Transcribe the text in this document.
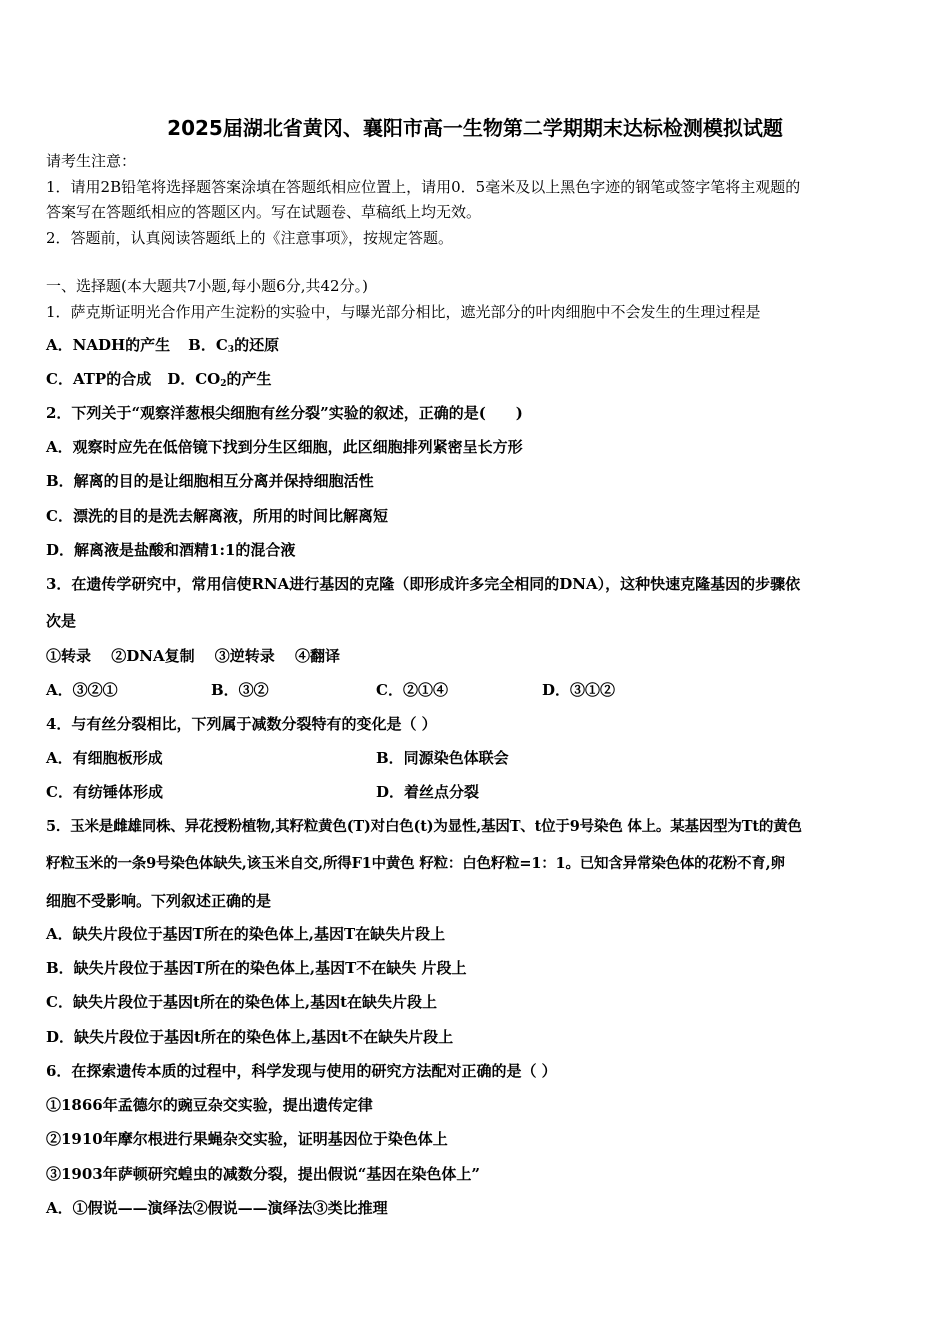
2025届湖北省黄冈、襄阳市高一生物第二学期期末达标检测模拟试题
请考生注意：
1．请用2B铅笔将选择题答案涂填在答题纸相应位置上，请用0．5毫米及以上黑色字迹的钢笔或签字笔将主观题的
答案写在答题纸相应的答题区内。写在试题卷、草稿纸上均无效。
2．答题前，认真阅读答题纸上的《注意事项》，按规定答题。
一、选择题(本大题共7小题,每小题6分,共42分。)
1．萨克斯证明光合作用产生淀粉的实验中，与曝光部分相比，遮光部分的叶肉细胞中不会发生的生理过程是
A．NADH的产生 B．$C_3$的还原
C．ATP的合成 D．$CO_2$的产生
2．下列关于“观察洋葱根尖细胞有丝分裂”实验的叙述，正确的是(　　)
A．观察时应先在低倍镜下找到分生区细胞，此区细胞排列紧密呈长方形
B．解离的目的是让细胞相互分离并保持细胞活性
C．漂洗的目的是洗去解离液，所用的时间比解离短
D．解离液是盐酸和酒精1:1的混合液
3．在遗传学研究中，常用信使RNA进行基因的克隆（即形成许多完全相同的DNA），这种快速克隆基因的步骤依
次是
①转录　 ②DNA复制　 ③逆转录　 ④翻译
A．③②①	B．③②	C．②①④	D．③①②
4．与有丝分裂相比，下列属于减数分裂特有的变化是（ ）
A．有细胞板形成	B．同源染色体联会
C．有纺锤体形成	D．着丝点分裂
5．玉米是雌雄同株、异花授粉植物,其籽粒黄色(T)对白色(t)为显性,基因T、t位于9号染色 体上。某基因型为Tt的黄色
籽粒玉米的一条9号染色体缺失,该玉米自交,所得F1中黄色 籽粒：白色籽粒=1：1。已知含异常染色体的花粉不育,卵
细胞不受影响。下列叙述正确的是
A．缺失片段位于基因T所在的染色体上,基因T在缺失片段上
B．缺失片段位于基因T所在的染色体上,基因T不在缺失 片段上
C．缺失片段位于基因t所在的染色体上,基因t在缺失片段上
D．缺失片段位于基因t所在的染色体上,基因t不在缺失片段上
6．在探索遗传本质的过程中，科学发现与使用的研究方法配对正确的是（ ）
①1866年孟德尔的豌豆杂交实验，提出遗传定律
②1910年摩尔根进行果蝇杂交实验，证明基因位于染色体上
③1903年萨顿研究蝗虫的减数分裂，提出假说“基因在染色体上”
A．①假说——演绎法②假说——演绎法③类比推理
